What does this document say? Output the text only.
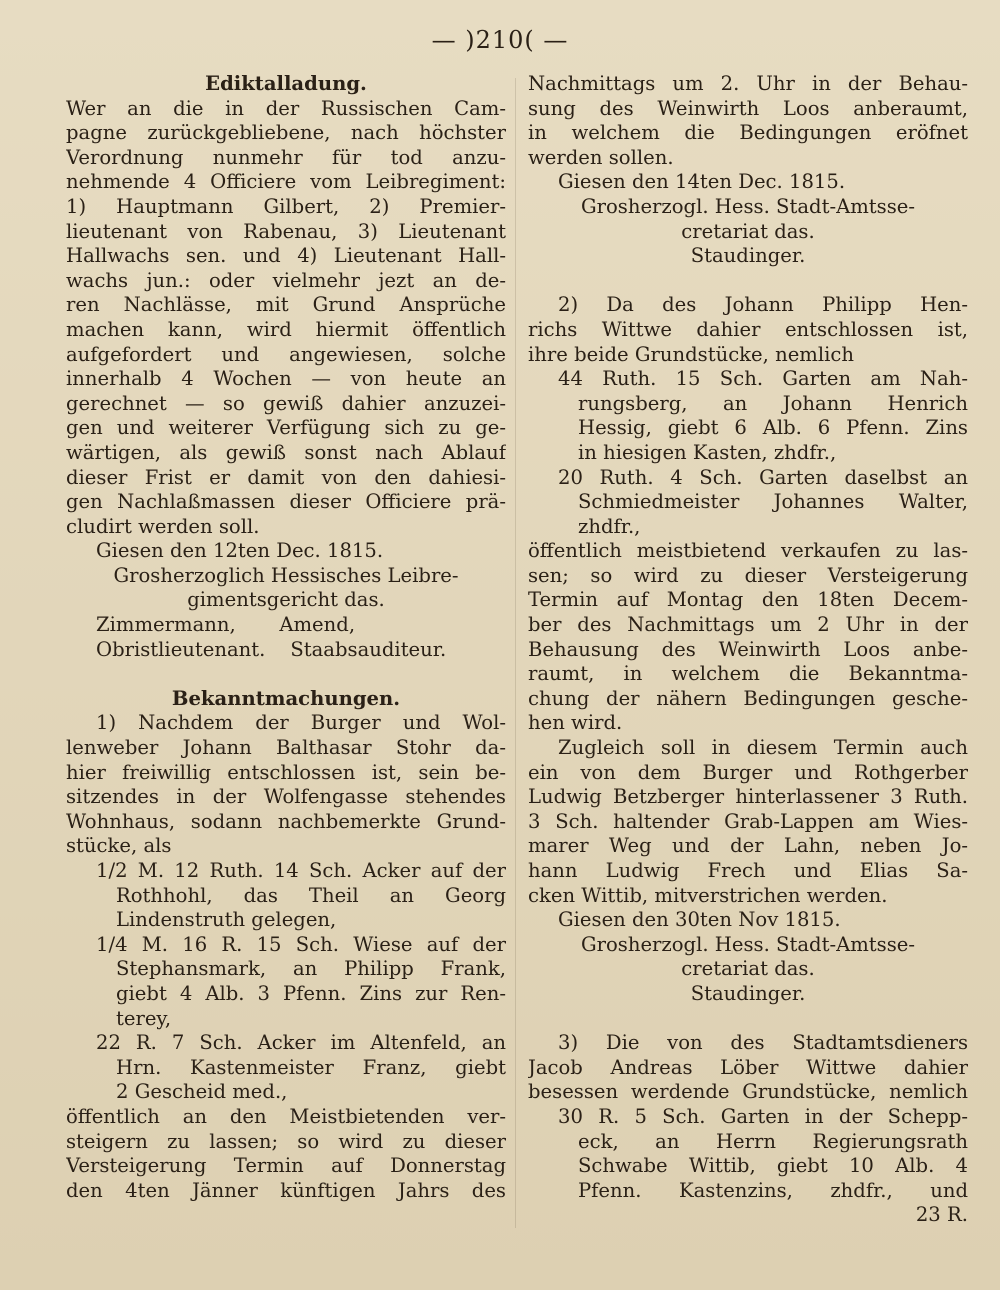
— )210( —
Ediktalladung.
Wer an die in der Russischen Cam-
pagne zurückgebliebene, nach höchster
Verordnung nunmehr für tod anzu-
nehmende 4 Officiere vom Leibregiment:
1) Hauptmann Gilbert, 2) Premier-
lieutenant von Rabenau, 3) Lieutenant
Hallwachs sen. und 4) Lieutenant Hall-
wachs jun.: oder vielmehr jezt an de-
ren Nachlässe, mit Grund Ansprüche
machen kann, wird hiermit öffentlich
aufgefordert und angewiesen, solche
innerhalb 4 Wochen — von heute an
gerechnet — so gewiß dahier anzuzei-
gen und weiterer Verfügung sich zu ge-
wärtigen, als gewiß sonst nach Ablauf
dieser Frist er damit von den dahiesi-
gen Nachlaßmassen dieser Officiere prä-
cludirt werden soll.
Giesen den 12ten Dec. 1815.
Grosherzoglich Hessisches Leibre-
gimentsgericht das.
Zimmermann,       Amend,
Obristlieutenant.    Staabsauditeur.
Bekanntmachungen.
1) Nachdem der Burger und Wol-
lenweber Johann Balthasar Stohr da-
hier freiwillig entschlossen ist, sein be-
sitzendes in der Wolfengasse stehendes
Wohnhaus, sodann nachbemerkte Grund-
stücke, als
1/2 M. 12 Ruth. 14 Sch. Acker auf der
Rothhohl, das Theil an Georg
Lindenstruth gelegen,
1/4 M. 16 R. 15 Sch. Wiese auf der
Stephansmark, an Philipp Frank,
giebt 4 Alb. 3 Pfenn. Zins zur Ren-
terey,
22 R. 7 Sch. Acker im Altenfeld, an
Hrn. Kastenmeister Franz, giebt
2 Gescheid med.,
öffentlich an den Meistbietenden ver-
steigern zu lassen; so wird zu dieser
Versteigerung Termin auf Donnerstag
den 4ten Jänner künftigen Jahrs des
Nachmittags um 2. Uhr in der Behau-
sung des Weinwirth Loos anberaumt,
in welchem die Bedingungen eröfnet
werden sollen.
Giesen den 14ten Dec. 1815.
Grosherzogl. Hess. Stadt-Amtsse-
cretariat das.
Staudinger.
2) Da des Johann Philipp Hen-
richs Wittwe dahier entschlossen ist,
ihre beide Grundstücke, nemlich
44 Ruth. 15 Sch. Garten am Nah-
rungsberg, an Johann Henrich
Hessig, giebt 6 Alb. 6 Pfenn. Zins
in hiesigen Kasten, zhdfr.,
20 Ruth. 4 Sch. Garten daselbst an
Schmiedmeister Johannes Walter,
zhdfr.,
öffentlich meistbietend verkaufen zu las-
sen; so wird zu dieser Versteigerung
Termin auf Montag den 18ten Decem-
ber des Nachmittags um 2 Uhr in der
Behausung des Weinwirth Loos anbe-
raumt, in welchem die Bekanntma-
chung der nähern Bedingungen gesche-
hen wird.
Zugleich soll in diesem Termin auch
ein von dem Burger und Rothgerber
Ludwig Betzberger hinterlassener 3 Ruth.
3 Sch. haltender Grab-Lappen am Wies-
marer Weg und der Lahn, neben Jo-
hann Ludwig Frech und Elias Sa-
cken Wittib, mitverstrichen werden.
Giesen den 30ten Nov 1815.
Grosherzogl. Hess. Stadt-Amtsse-
cretariat das.
Staudinger.
3) Die von des Stadtamtsdieners
Jacob Andreas Löber Wittwe dahier
besessen werdende Grundstücke, nemlich
30 R. 5 Sch. Garten in der Schepp-
eck, an Herrn Regierungsrath
Schwabe Wittib, giebt 10 Alb. 4
Pfenn. Kastenzins, zhdfr., und
23 R.
